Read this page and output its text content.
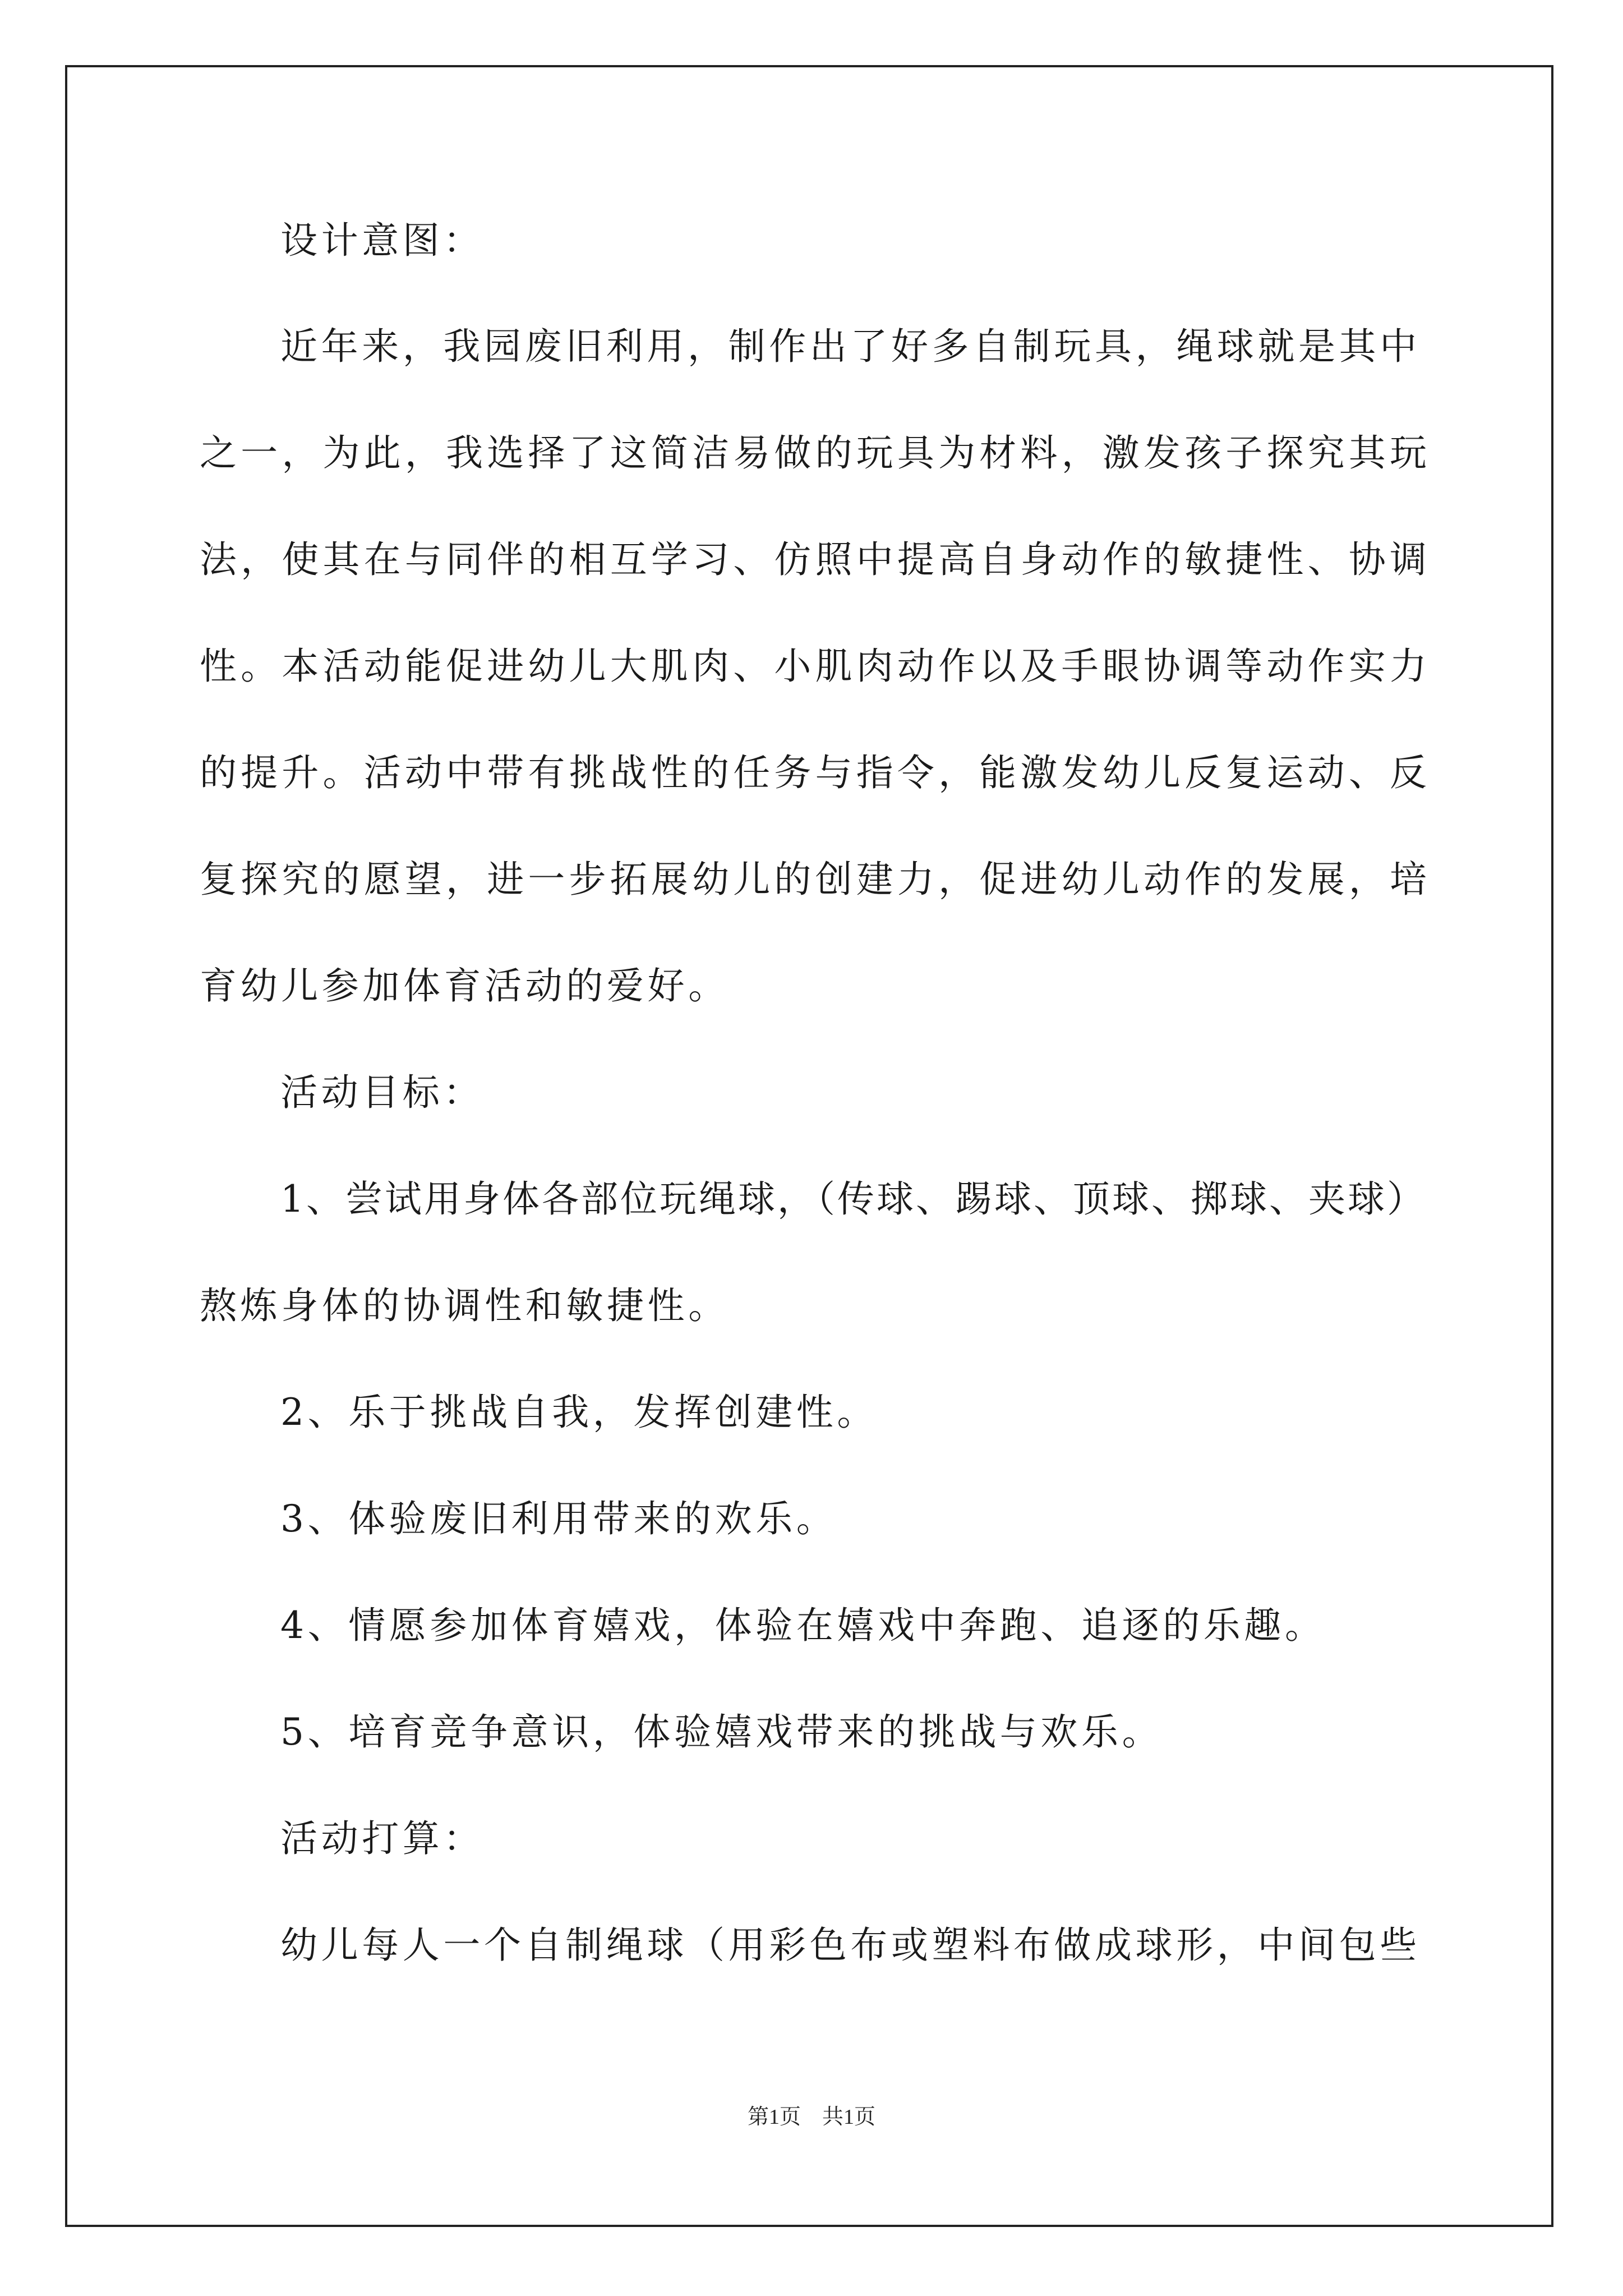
设计意图：
近年来，我园废旧利用，制作出了好多自制玩具，绳球就是其中
之一，为此，我选择了这简洁易做的玩具为材料，激发孩子探究其玩
法，使其在与同伴的相互学习、仿照中提高自身动作的敏捷性、协调
性。本活动能促进幼儿大肌肉、小肌肉动作以及手眼协调等动作实力
的提升。活动中带有挑战性的任务与指令，能激发幼儿反复运动、反
复探究的愿望，进一步拓展幼儿的创建力，促进幼儿动作的发展，培
育幼儿参加体育活动的爱好。
活动目标：
1、尝试用身体各部位玩绳球，（传球、踢球、顶球、掷球、夹球）
熬炼身体的协调性和敏捷性。
2、乐于挑战自我，发挥创建性。
3、体验废旧利用带来的欢乐。
4、情愿参加体育嬉戏，体验在嬉戏中奔跑、追逐的乐趣。
5、培育竞争意识，体验嬉戏带来的挑战与欢乐。
活动打算：
幼儿每人一个自制绳球（用彩色布或塑料布做成球形，中间包些
第1页　共1页
